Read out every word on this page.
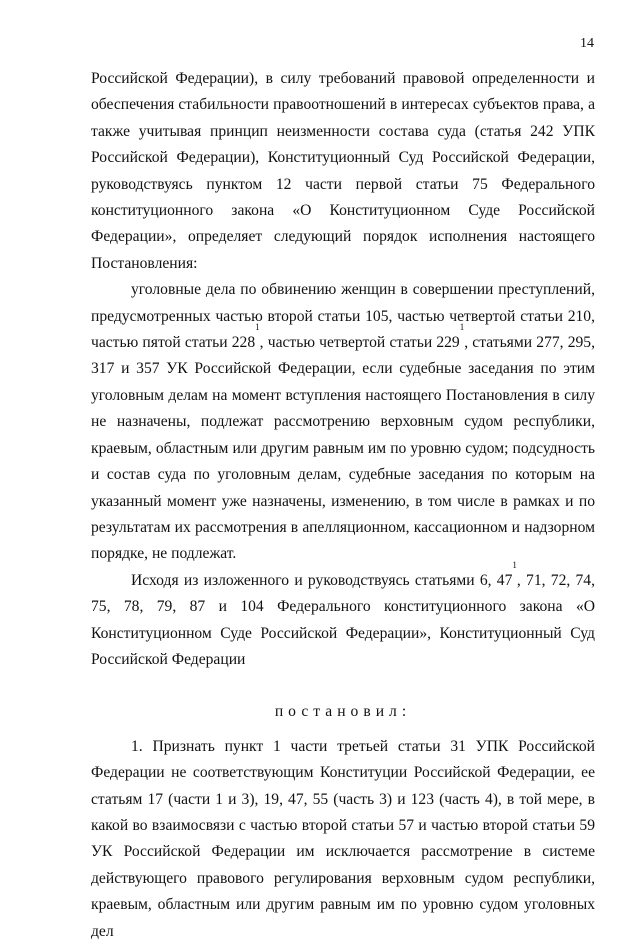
14

Российской Федерации), в силу требований правовой определенности и обеспечения стабильности правоотношений в интересах субъектов права, а также учитывая принцип неизменности состава суда (статья 242 УПК Российской Федерации), Конституционный Суд Российской Федерации, руководствуясь пунктом 12 части первой статьи 75 Федерального конституционного закона «О Конституционном Суде Российской Федерации», определяет следующий порядок исполнения настоящего Постановления:

уголовные дела по обвинению женщин в совершении преступлений, предусмотренных частью второй статьи 105, частью четвертой статьи 210, частью пятой статьи $228^1$, частью четвертой статьи $229^1$, статьями 277, 295, 317 и 357 УК Российской Федерации, если судебные заседания по этим уголовным делам на момент вступления настоящего Постановления в силу не назначены, подлежат рассмотрению верховным судом республики, краевым, областным или другим равным им по уровню судом; подсудность и состав суда по уголовным делам, судебные заседания по которым на указанный момент уже назначены, изменению, в том числе в рамках и по результатам их рассмотрения в апелляционном, кассационном и надзорном порядке, не подлежат.

Исходя из изложенного и руководствуясь статьями 6, $47^1$, 71, 72, 74, 75, 78, 79, 87 и 104 Федерального конституционного закона «О Конституционном Суде Российской Федерации», Конституционный Суд Российской Федерации

постановил:

1. Признать пункт 1 части третьей статьи 31 УПК Российской Федерации не соответствующим Конституции Российской Федерации, ее статьям 17 (части 1 и 3), 19, 47, 55 (часть 3) и 123 (часть 4), в той мере, в какой во взаимосвязи с частью второй статьи 57 и частью второй статьи 59 УК Российской Федерации им исключается рассмотрение в системе действующего правового регулирования верховным судом республики, краевым, областным или другим равным им по уровню судом уголовных дел
